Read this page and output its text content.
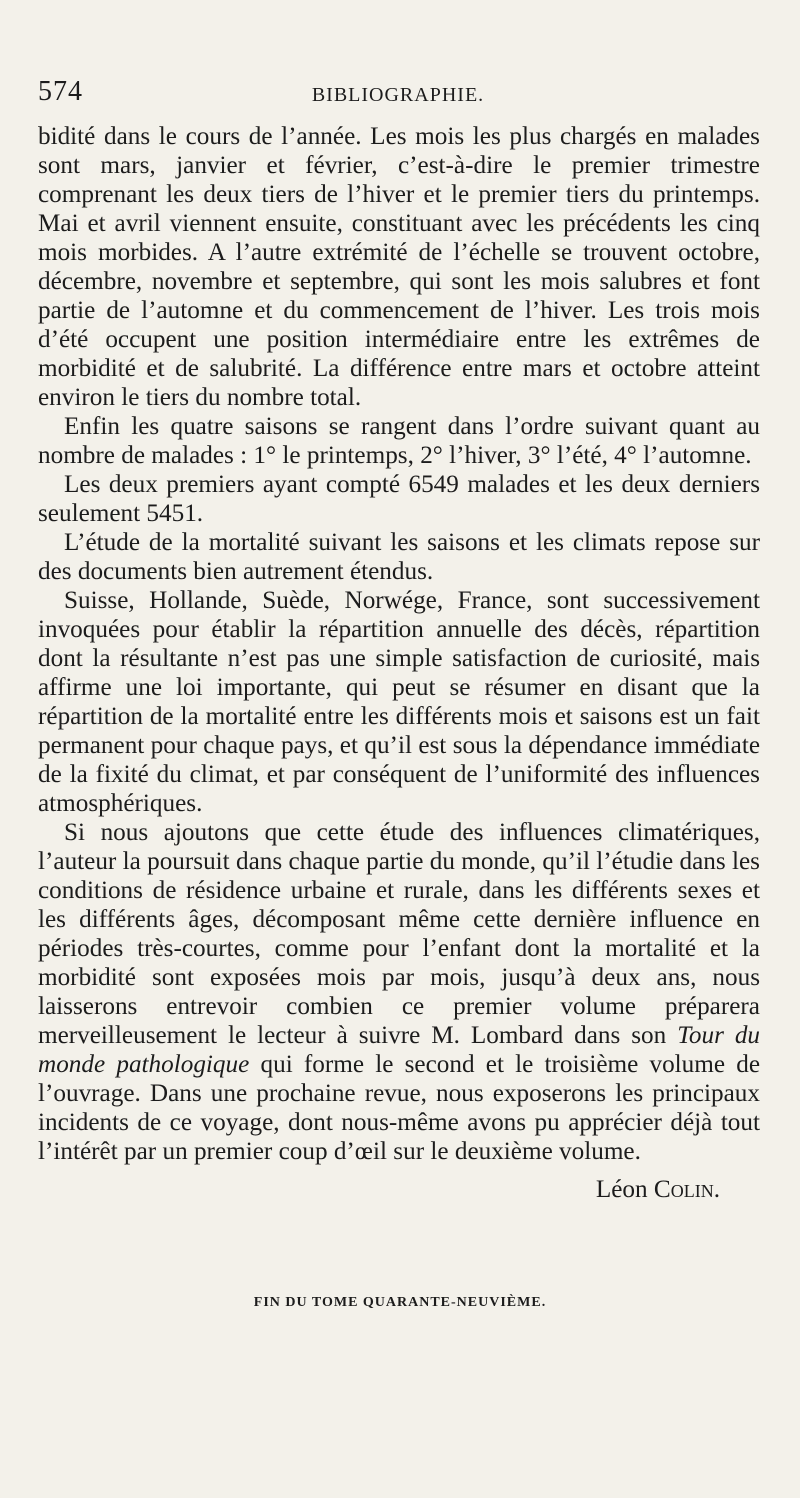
574	BIBLIOGRAPHIE.

bidité dans le cours de l’année. Les mois les plus chargés en malades sont mars, janvier et février, c’est-à-dire le premier trimestre comprenant les deux tiers de l’hiver et le premier tiers du printemps. Mai et avril viennent ensuite, constituant avec les précédents les cinq mois morbides. A l’autre extrémité de l’échelle se trouvent octobre, décembre, novembre et septembre, qui sont les mois salubres et font partie de l’automne et du commencement de l’hiver. Les trois mois d’été occupent une position intermédiaire entre les extrêmes de morbidité et de salubrité. La différence entre mars et octobre atteint environ le tiers du nombre total.

Enfin les quatre saisons se rangent dans l’ordre suivant quant au nombre de malades : 1° le printemps, 2° l’hiver, 3° l’été, 4° l’automne.

Les deux premiers ayant compté 6549 malades et les deux derniers seulement 5451.

L’étude de la mortalité suivant les saisons et les climats repose sur des documents bien autrement étendus.

Suisse, Hollande, Suède, Norwége, France, sont successivement invoquées pour établir la répartition annuelle des décès, répartition dont la résultante n’est pas une simple satisfaction de curiosité, mais affirme une loi importante, qui peut se résumer en disant que la répartition de la mortalité entre les différents mois et saisons est un fait permanent pour chaque pays, et qu’il est sous la dépendance immédiate de la fixité du climat, et par conséquent de l’uniformité des influences atmosphériques.

Si nous ajoutons que cette étude des influences climatériques, l’auteur la poursuit dans chaque partie du monde, qu’il l’étudie dans les conditions de résidence urbaine et rurale, dans les différents sexes et les différents âges, décomposant même cette dernière influence en périodes très-courtes, comme pour l’enfant dont la mortalité et la morbidité sont exposées mois par mois, jusqu’à deux ans, nous laisserons entrevoir combien ce premier volume préparera merveilleusement le lecteur à suivre M. Lombard dans son Tour du monde pathologique qui forme le second et le troisième volume de l’ouvrage. Dans une prochaine revue, nous exposerons les principaux incidents de ce voyage, dont nous-même avons pu apprécier déjà tout l’intérêt par un premier coup d’œil sur le deuxième volume.

Léon Colin.
FIN DU TOME QUARANTE-NEUVIÈME.
